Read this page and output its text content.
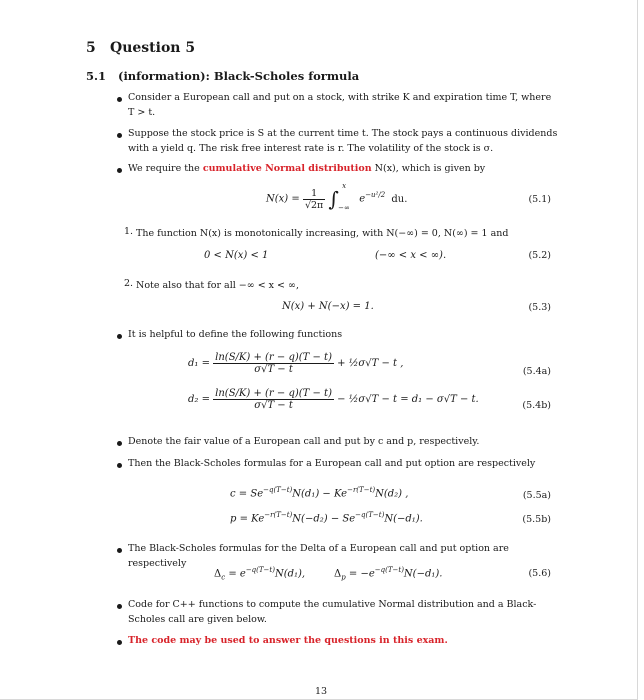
5 Question 5
5.1 (information): Black-Scholes formula
Consider a European call and put on a stock, with strike K and expiration time T, where T > t.
Suppose the stock price is S at the current time t. The stock pays a continuous dividends with a yield q. The risk free interest rate is r. The volatility of the stock is σ.
We require the cumulative Normal distribution N(x), which is given by
$N(x) = \frac{1}{√2\pi}$ ∫
x
−∞
$e^{-u^2/2}$ du.	(5.1)
1. The function N(x) is monotonically increasing, with N(−∞) = 0, N(∞) = 1 and
0 < N(x) < 1	(−∞ < x < ∞).	(5.2)
2. Note also that for all −∞ < x < ∞,
N(x) + N(−x) = 1.	(5.3)
It is helpful to define the following functions
$d_1 = \frac{\ln(S/K) + (r - q)(T - t)}{\sigma√T - t}$ + ½σ√T − t ,
(5.4a)
$d_2 = \frac{\ln(S/K) + (r - q)(T - t)}{\sigma√T - t}$ − ½σ√T − t = d₁ − σ√T − t.
(5.4b)
Denote the fair value of a European call and put by c and p, respectively.
Then the Black-Scholes formulas for a European call and put option are respectively
$c = Se^{-q(T-t)}N(d_1) - Ke^{-r(T-t)}N(d_2)$ ,	(5.5a)
$p = Ke^{-r(T-t)}N(-d_2) - Se^{-q(T-t)}N(-d_1)$.	(5.5b)
The Black-Scholes formulas for the Delta of a European call and put option are respectively
$\Delta_c = e^{-q(T-t)}N(d_1)$,	$\Delta_p = -e^{-q(T-t)}N(-d_1)$.	(5.6)
Code for C++ functions to compute the cumulative Normal distribution and a Black-Scholes call are given below.
The code may be used to answer the questions in this exam.
13
